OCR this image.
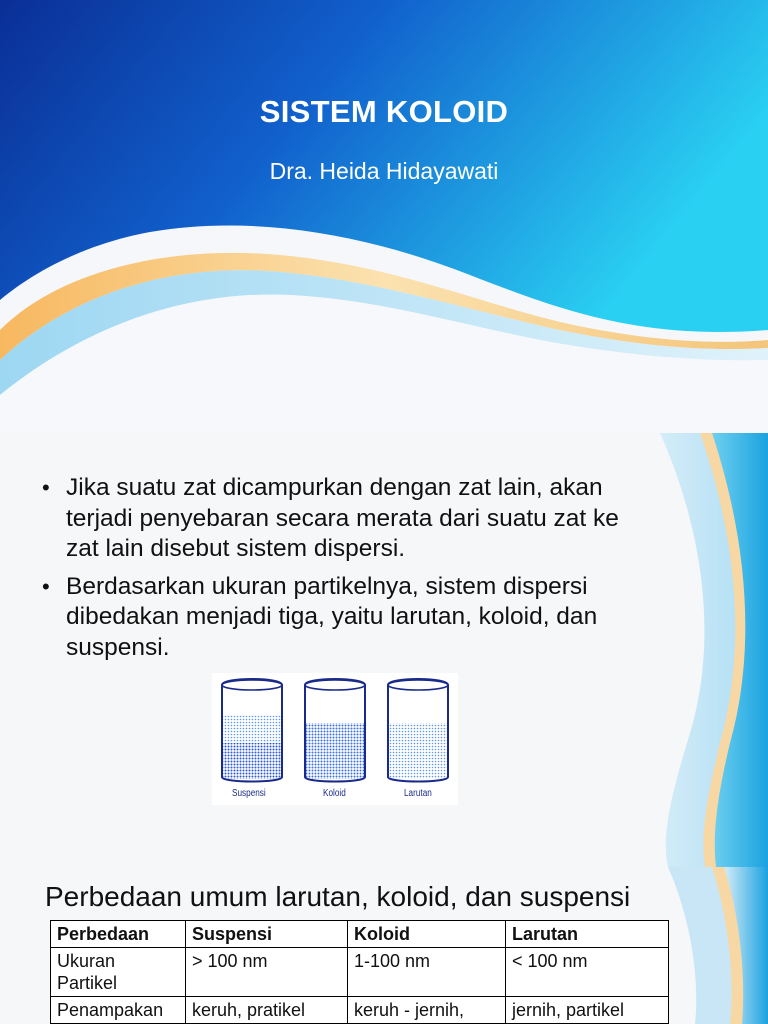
SISTEM KOLOID
Dra. Heida Hidayawati
• Jika suatu zat dicampurkan dengan zat lain, akan terjadi penyebaran secara merata dari suatu zat ke zat lain disebut sistem dispersi.
• Berdasarkan ukuran partikelnya, sistem dispersi dibedakan menjadi tiga, yaitu larutan, koloid, dan suspensi.
Suspensi	Koloid	Larutan
Perbedaan umum larutan, koloid, dan suspensi
Perbedaan	Suspensi	Koloid	Larutan
Ukuran Partikel	> 100 nm	1-100 nm	< 100 nm
Penampakan	keruh, pratikel	keruh - jernih,	jernih, partikel
